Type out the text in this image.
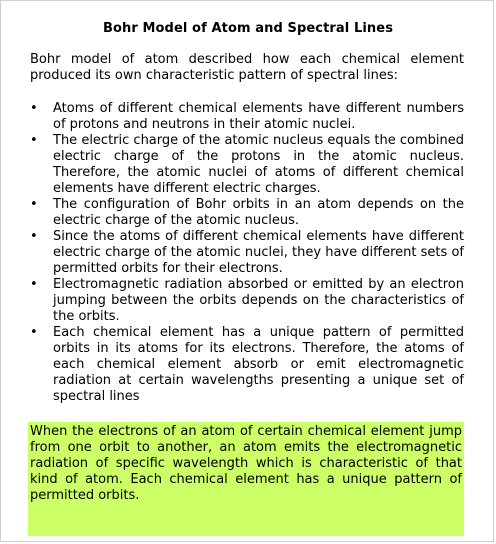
Bohr Model of Atom and Spectral Lines
Bohr model of atom described how each chemical element produced its own characteristic pattern of spectral lines:
• Atoms of different chemical elements have different numbers of protons and neutrons in their atomic nuclei.
• The electric charge of the atomic nucleus equals the combined electric charge of the protons in the atomic nucleus. Therefore, the atomic nuclei of atoms of different chemical elements have different electric charges.
• The configuration of Bohr orbits in an atom depends on the electric charge of the atomic nucleus.
• Since the atoms of different chemical elements have different electric charge of the atomic nuclei, they have different sets of permitted orbits for their electrons.
• Electromagnetic radiation absorbed or emitted by an electron jumping between the orbits depends on the characteristics of the orbits.
• Each chemical element has a unique pattern of permitted orbits in its atoms for its electrons. Therefore, the atoms of each chemical element absorb or emit electromagnetic radiation at certain wavelengths presenting a unique set of spectral lines

When the electrons of an atom of certain chemical element jump from one orbit to another, an atom emits the electromagnetic radiation of specific wavelength which is characteristic of that kind of atom. Each chemical element has a unique pattern of permitted orbits.
